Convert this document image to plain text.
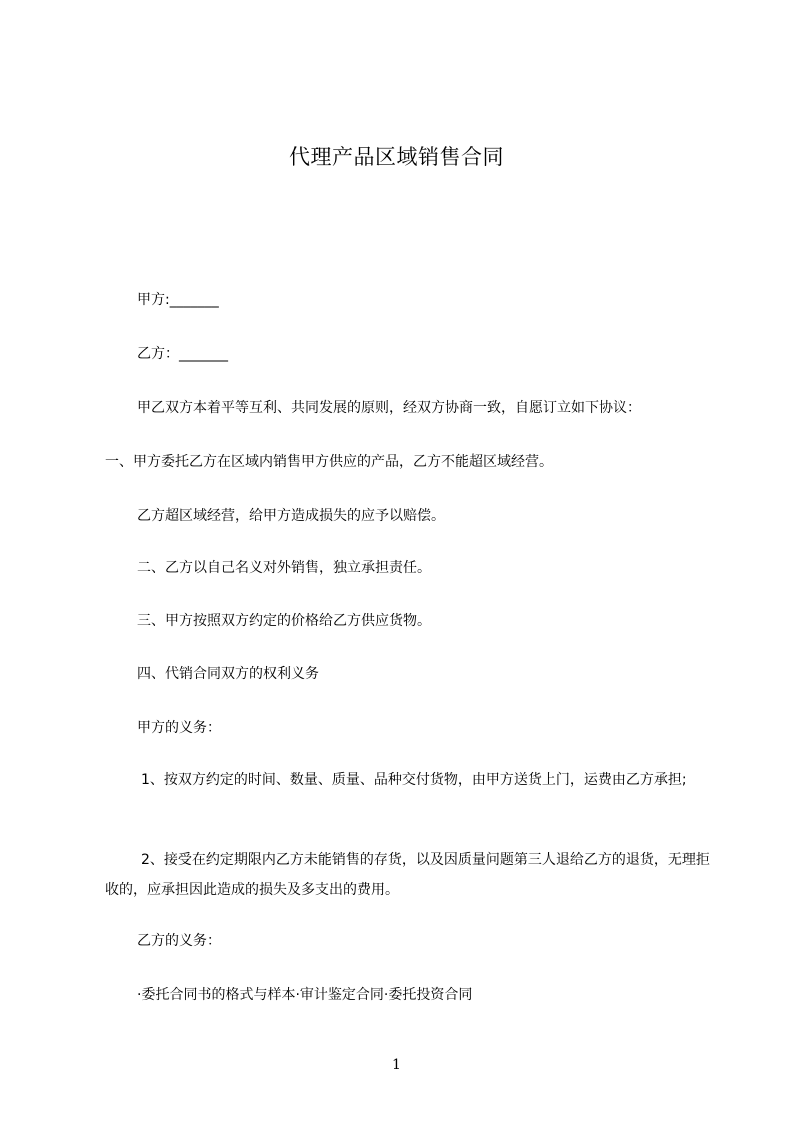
代理产品区域销售合同
甲方:_______
乙方：_______
甲乙双方本着平等互利、共同发展的原则，经双方协商一致，自愿订立如下协议：
一、甲方委托乙方在区域内销售甲方供应的产品，乙方不能超区域经营。
乙方超区域经营，给甲方造成损失的应予以赔偿。
二、乙方以自己名义对外销售，独立承担责任。
三、甲方按照双方约定的价格给乙方供应货物。
四、代销合同双方的权利义务
甲方的义务：
1、按双方约定的时间、数量、质量、品种交付货物，由甲方送货上门，运费由乙方承担;
2、接受在约定期限内乙方未能销售的存货，以及因质量问题第三人退给乙方的退货，无理拒收的，应承担因此造成的损失及多支出的费用。
乙方的义务：
·委托合同书的格式与样本·审计鉴定合同·委托投资合同
1
